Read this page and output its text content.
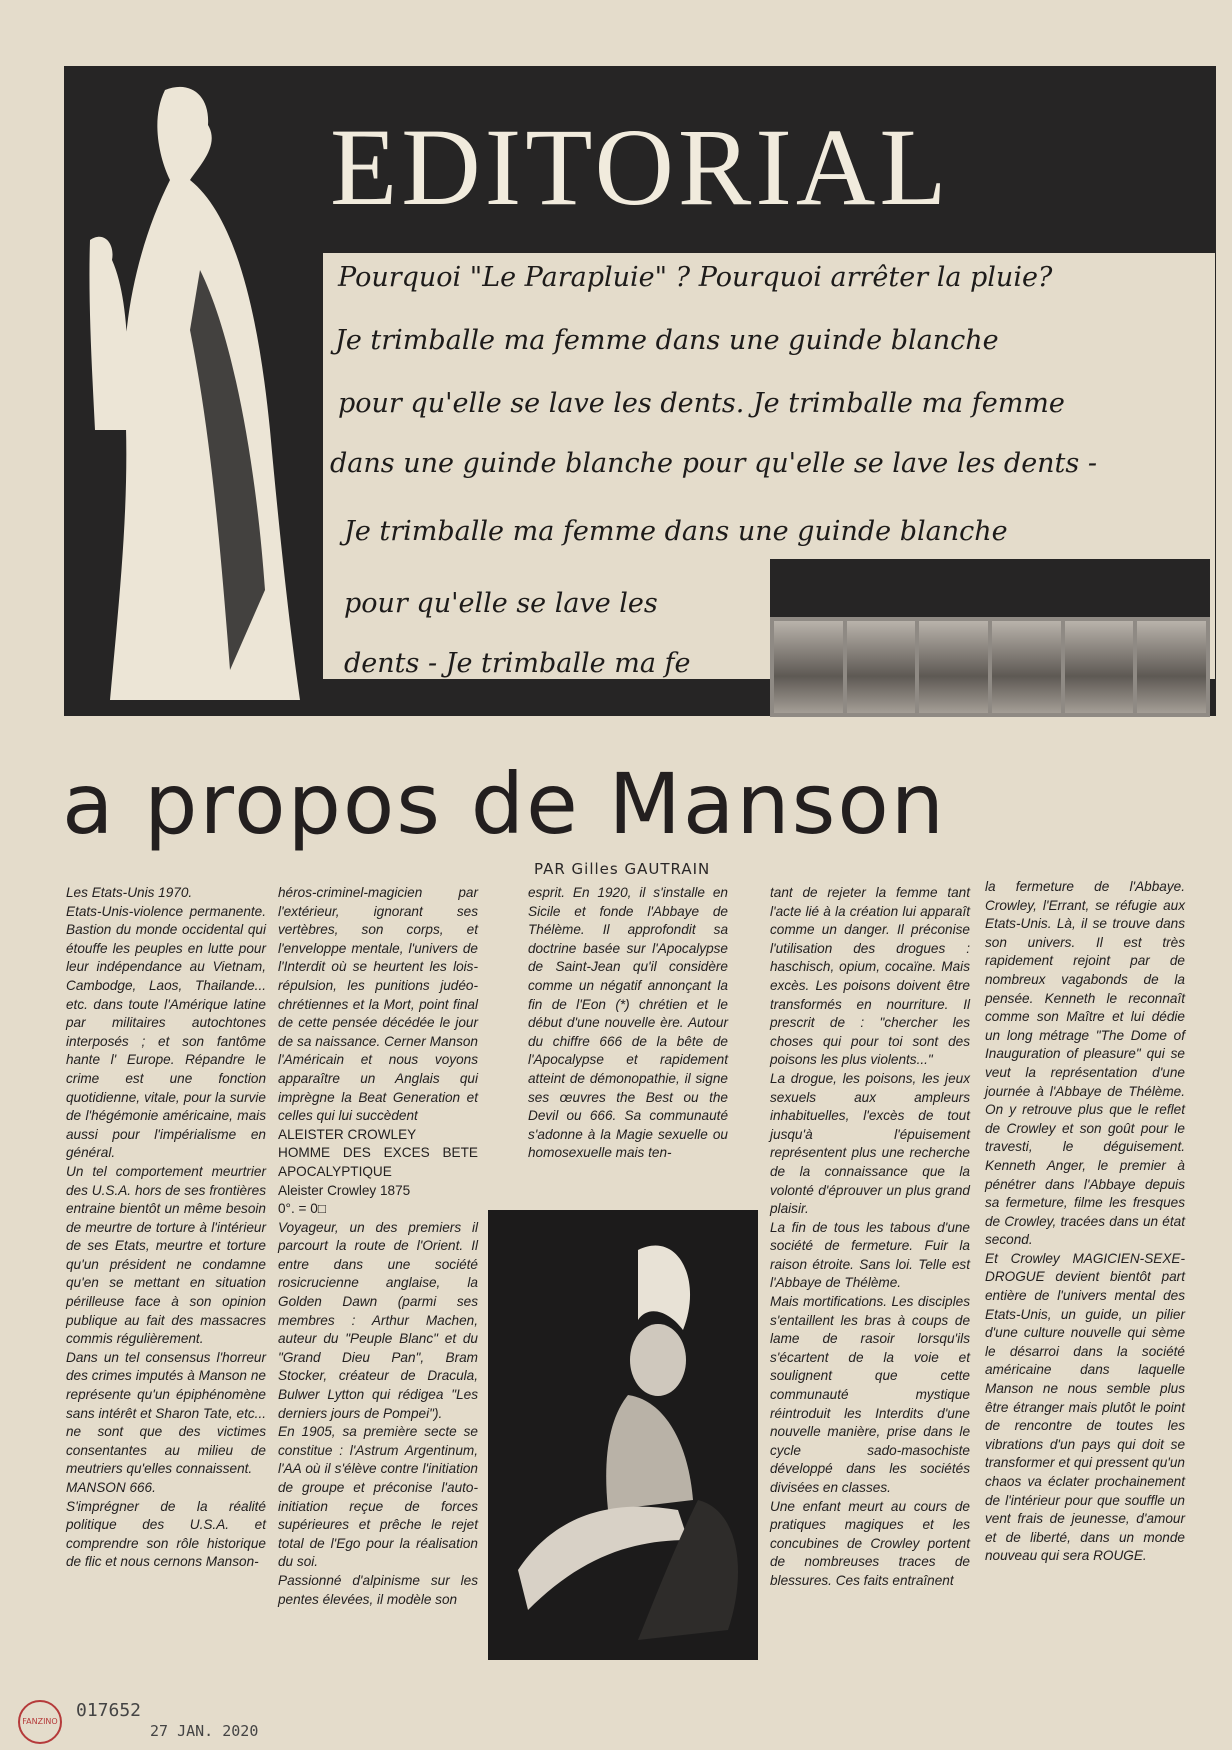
EDITORIAL
Pourquoi "Le Parapluie" ? Pourquoi arrêter la pluie?
Je trimballe ma femme dans une guinde blanche
pour qu'elle se lave les dents. Je trimballe ma femme
dans une guinde blanche pour qu'elle se lave les dents -
Je trimballe ma femme dans une guinde blanche
pour qu'elle se lave les
dents - Je trimballe ma fe
a propos de Manson
PAR Gilles GAUTRAIN

Les Etats-Unis 1970.

Etats-Unis-violence permanente. Bastion du monde occidental qui étouffe les peuples en lutte pour leur indépendance au Vietnam, Cambodge, Laos, Thailande... etc. dans toute l'Amérique latine par militaires autochtones interposés ; et son fantôme hante l' Europe. Répandre le crime est une fonction quotidienne, vitale, pour la survie de l'hégémonie américaine, mais aussi pour l'impérialisme en général.

Un tel comportement meurtrier des U.S.A. hors de ses frontières entraine bientôt un même besoin de meurtre de torture à l'intérieur de ses Etats, meurtre et torture qu'un président ne condamne qu'en se mettant en situation périlleuse face à son opinion publique au fait des massacres commis régulièrement.

Dans un tel consensus l'horreur des crimes imputés à Manson ne représente qu'un épiphénomène sans intérêt et Sharon Tate, etc... ne sont que des victimes consentantes au milieu de meutriers qu'elles connaissent.

MANSON 666.

S'imprégner de la réalité politique des U.S.A. et comprendre son rôle historique de flic et nous cernons Manson-

héros-criminel-magicien par l'extérieur, ignorant ses vertèbres, son corps, et l'enveloppe mentale, l'univers de l'Interdit où se heurtent les lois-répulsion, les punitions judéo-chrétiennes et la Mort, point final de cette pensée décédée le jour de sa naissance. Cerner Manson l'Américain et nous voyons apparaître un Anglais qui imprègne la Beat Generation et celles qui lui succèdent

ALEISTER CROWLEY

HOMME DES EXCES BETE APOCALYPTIQUE

Aleister Crowley 1875

0°. = 0□

Voyageur, un des premiers il parcourt la route de l'Orient. Il entre dans une société rosicrucienne anglaise, la Golden Dawn (parmi ses membres : Arthur Machen, auteur du "Peuple Blanc" et du "Grand Dieu Pan", Bram Stocker, créateur de Dracula, Bulwer Lytton qui rédigea "Les derniers jours de Pompei").

En 1905, sa première secte se constitue : l'Astrum Argentinum, l'AA où il s'élève contre l'initiation de groupe et préconise l'auto-initiation reçue de forces supérieures et prêche le rejet total de l'Ego pour la réalisation du soi.

Passionné d'alpinisme sur les pentes élevées, il modèle son

esprit. En 1920, il s'installe en Sicile et fonde l'Abbaye de Thélème. Il approfondit sa doctrine basée sur l'Apocalypse de Saint-Jean qu'il considère comme un négatif annonçant la fin de l'Eon (*) chrétien et le début d'une nouvelle ère. Autour du chiffre 666 de la bête de l'Apocalypse et rapidement atteint de démonopathie, il signe ses œuvres the Best ou the Devil ou 666. Sa communauté s'adonne à la Magie sexuelle ou homosexuelle mais ten-

tant de rejeter la femme tant l'acte lié à la création lui apparaît comme un danger. Il préconise l'utilisation des drogues : haschisch, opium, cocaïne. Mais excès. Les poisons doivent être transformés en nourriture. Il prescrit de : "chercher les choses qui pour toi sont des poisons les plus violents..."

La drogue, les poisons, les jeux sexuels aux ampleurs inhabituelles, l'excès de tout jusqu'à l'épuisement représentent plus une recherche de la connaissance que la volonté d'éprouver un plus grand plaisir.

La fin de tous les tabous d'une société de fermeture. Fuir la raison étroite. Sans loi. Telle est l'Abbaye de Thélème.

Mais mortifications. Les disciples s'entaillent les bras à coups de lame de rasoir lorsqu'ils s'écartent de la voie et soulignent que cette communauté mystique réintroduit les Interdits d'une nouvelle manière, prise dans le cycle sado-masochiste développé dans les sociétés divisées en classes.

Une enfant meurt au cours de pratiques magiques et les concubines de Crowley portent de nombreuses traces de blessures. Ces faits entraînent

la fermeture de l'Abbaye. Crowley, l'Errant, se réfugie aux Etats-Unis. Là, il se trouve dans son univers. Il est très rapidement rejoint par de nombreux vagabonds de la pensée. Kenneth le reconnaît comme son Maître et lui dédie un long métrage "The Dome of Inauguration of pleasure" qui se veut la représentation d'une journée à l'Abbaye de Thélème. On y retrouve plus que le reflet de Crowley et son goût pour le travesti, le déguisement. Kenneth Anger, le premier à pénétrer dans l'Abbaye depuis sa fermeture, filme les fresques de Crowley, tracées dans un état second.

Et Crowley MAGICIEN-SEXE-DROGUE devient bientôt part entière de l'univers mental des Etats-Unis, un guide, un pilier d'une culture nouvelle qui sème le désarroi dans la société américaine dans laquelle Manson ne nous semble plus être étranger mais plutôt le point de rencontre de toutes les vibrations d'un pays qui doit se transformer et qui pressent qu'un chaos va éclater prochainement de l'intérieur pour que souffle un vent frais de jeunesse, d'amour et de liberté, dans un monde nouveau qui sera ROUGE.

FANZINO
017652
27 JAN. 2020
